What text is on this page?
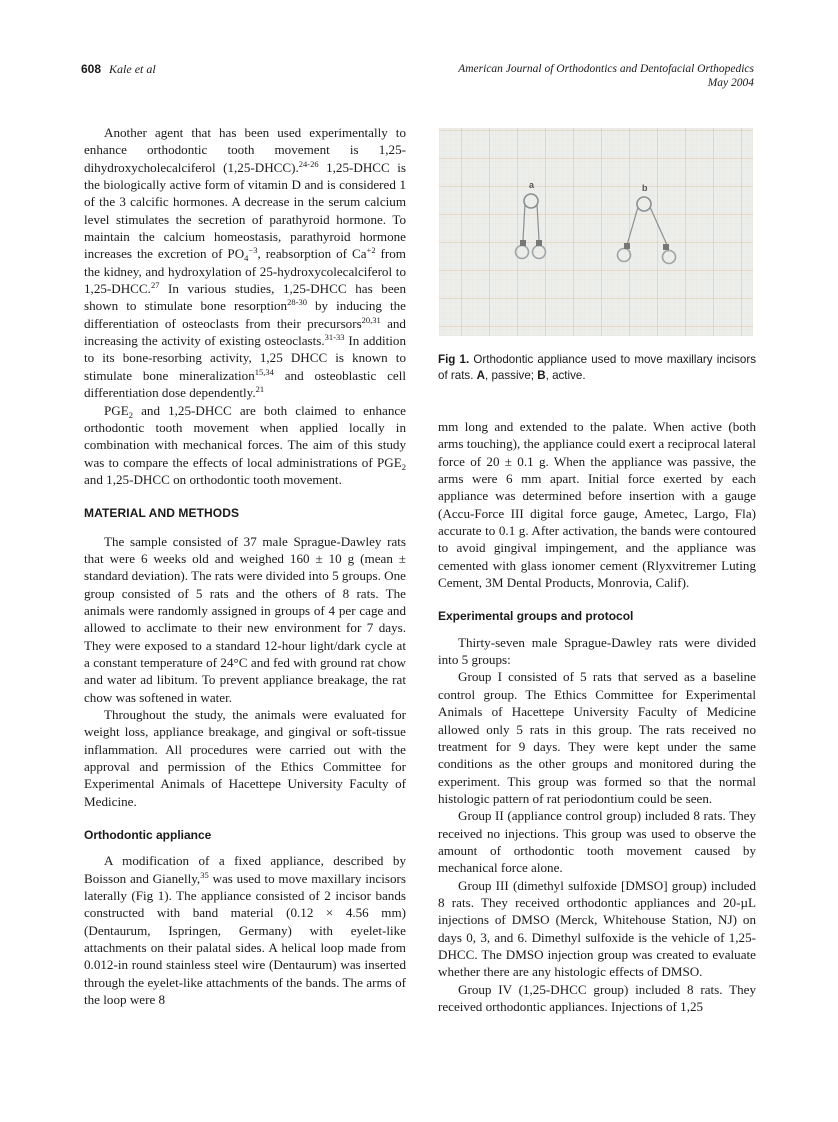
608 Kale et al	American Journal of Orthodontics and Dentofacial Orthopedics
May 2004

Another agent that has been used experimentally to enhance orthodontic tooth movement is 1,25-dihydroxycholecalciferol (1,25-DHCC).$^{24-26}$ 1,25-DHCC is the biologically active form of vitamin D and is considered 1 of the 3 calcific hormones. A decrease in the serum calcium level stimulates the secretion of parathyroid hormone. To maintain the calcium homeostasis, parathyroid hormone increases the excretion of $PO_4^{-3}$, reabsorption of $Ca^{+2}$ from the kidney, and hydroxylation of 25-hydroxycolecalciferol to 1,25-DHCC.$^{27}$ In various studies, 1,25-DHCC has been shown to stimulate bone resorption$^{28-30}$ by inducing the differentiation of osteoclasts from their precursors$^{20,31}$ and increasing the activity of existing osteoclasts.$^{31-33}$ In addition to its bone-resorbing activity, 1,25 DHCC is known to stimulate bone mineralization$^{15,34}$ and osteoblastic cell differentiation dose dependently.$^{21}$

$PGE_2$ and 1,25-DHCC are both claimed to enhance orthodontic tooth movement when applied locally in combination with mechanical forces. The aim of this study was to compare the effects of local administrations of $PGE_2$ and 1,25-DHCC on orthodontic tooth movement.

MATERIAL AND METHODS

The sample consisted of 37 male Sprague-Dawley rats that were 6 weeks old and weighed 160 ± 10 g (mean ± standard deviation). The rats were divided into 5 groups. One group consisted of 5 rats and the others of 8 rats. The animals were randomly assigned in groups of 4 per cage and allowed to acclimate to their new environment for 7 days. They were exposed to a standard 12-hour light/dark cycle at a constant temperature of 24°C and fed with ground rat chow and water ad libitum. To prevent appliance breakage, the rat chow was softened in water.

Throughout the study, the animals were evaluated for weight loss, appliance breakage, and gingival or soft-tissue inflammation. All procedures were carried out with the approval and permission of the Ethics Committee for Experimental Animals of Hacettepe University Faculty of Medicine.

Orthodontic appliance

A modification of a fixed appliance, described by Boisson and Gianelly,$^{35}$ was used to move maxillary incisors laterally (Fig 1). The appliance consisted of 2 incisor bands constructed with band material (0.12 × 4.56 mm) (Dentaurum, Ispringen, Germany) with eyelet-like attachments on their palatal sides. A helical loop made from 0.012-in round stainless steel wire (Dentaurum) was inserted through the eyelet-like attachments of the bands. The arms of the loop were 8

a	b
Fig 1. Orthodontic appliance used to move maxillary incisors of rats. A, passive; B, active.

mm long and extended to the palate. When active (both arms touching), the appliance could exert a reciprocal lateral force of 20 ± 0.1 g. When the appliance was passive, the arms were 6 mm apart. Initial force exerted by each appliance was determined before insertion with a gauge (Accu-Force III digital force gauge, Ametec, Largo, Fla) accurate to 0.1 g. After activation, the bands were contoured to avoid gingival impingement, and the appliance was cemented with glass ionomer cement (Rlyxvitremer Luting Cement, 3M Dental Products, Monrovia, Calif).

Experimental groups and protocol

Thirty-seven male Sprague-Dawley rats were divided into 5 groups:

Group I consisted of 5 rats that served as a baseline control group. The Ethics Committee for Experimental Animals of Hacettepe University Faculty of Medicine allowed only 5 rats in this group. The rats received no treatment for 9 days. They were kept under the same conditions as the other groups and monitored during the experiment. This group was formed so that the normal histologic pattern of rat periodontium could be seen.

Group II (appliance control group) included 8 rats. They received no injections. This group was used to observe the amount of orthodontic tooth movement caused by mechanical force alone.

Group III (dimethyl sulfoxide [DMSO] group) included 8 rats. They received orthodontic appliances and 20-µL injections of DMSO (Merck, Whitehouse Station, NJ) on days 0, 3, and 6. Dimethyl sulfoxide is the vehicle of 1,25-DHCC. The DMSO injection group was created to evaluate whether there are any histologic effects of DMSO.

Group IV (1,25-DHCC group) included 8 rats. They received orthodontic appliances. Injections of 1,25
